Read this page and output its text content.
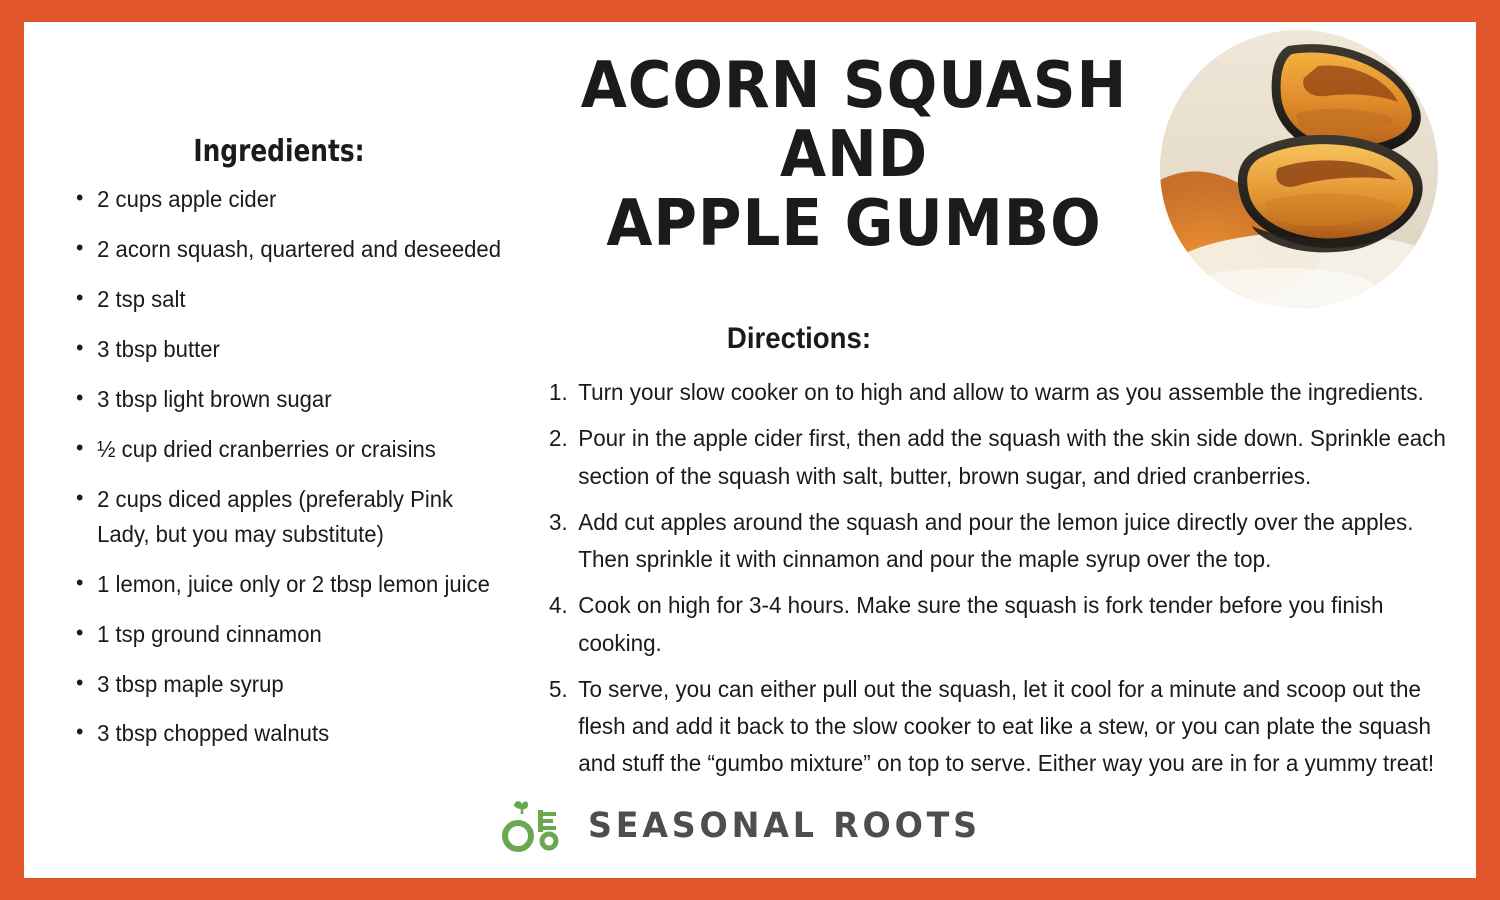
ACORN SQUASH AND
APPLE GUMBO
Ingredients:
• 2 cups apple cider
• 2 acorn squash, quartered and deseeded
• 2 tsp salt
• 3 tbsp butter
• 3 tbsp light brown sugar
• ½ cup dried cranberries or craisins
• 2 cups diced apples (preferably Pink Lady, but you may substitute)
• 1 lemon, juice only or 2 tbsp lemon juice
• 1 tsp ground cinnamon
• 3 tbsp maple syrup
• 3 tbsp chopped walnuts
Directions:
Turn your slow cooker on to high and allow to warm as you assemble the ingredients.
Pour in the apple cider first, then add the squash with the skin side down. Sprinkle each section of the squash with salt, butter, brown sugar, and dried cranberries.
Add cut apples around the squash and pour the lemon juice directly over the apples. Then sprinkle it with cinnamon and pour the maple syrup over the top.
Cook on high for 3-4 hours. Make sure the squash is fork tender before you finish cooking.
To serve, you can either pull out the squash, let it cool for a minute and scoop out the flesh and add it back to the slow cooker to eat like a stew, or you can plate the squash and stuff the “gumbo mixture” on top to serve. Either way you are in for a yummy treat!
SEASONAL ROOTS
